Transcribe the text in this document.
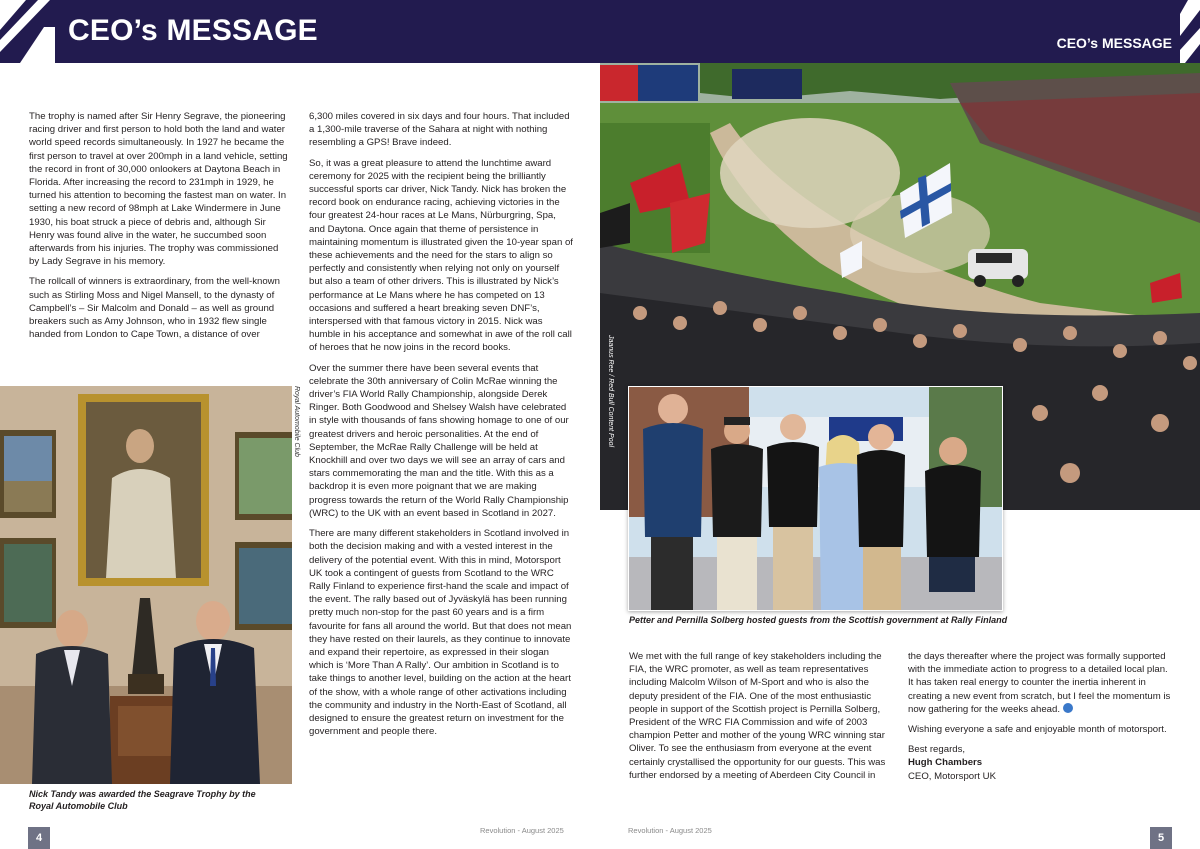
CEO’s MESSAGE	CEO’s MESSAGE

The trophy is named after Sir Henry Segrave, the pioneering racing driver and first person to hold both the land and water world speed records simultaneously. In 1927 he became the first person to travel at over 200mph in a land vehicle, setting the record in front of 30,000 onlookers at Daytona Beach in Florida. After increasing the record to 231mph in 1929, he turned his attention to becoming the fastest man on water. In setting a new record of 98mph at Lake Windermere in June 1930, his boat struck a piece of debris and, although Sir Henry was found alive in the water, he succumbed soon afterwards from his injuries. The trophy was commissioned by Lady Segrave in his memory.

The rollcall of winners is extraordinary, from the well-known such as Stirling Moss and Nigel Mansell, to the dynasty of Campbell’s – Sir Malcolm and Donald – as well as ground breakers such as Amy Johnson, who in 1932 flew single handed from London to Cape Town, a distance of over

6,300 miles covered in six days and four hours. That included a 1,300-mile traverse of the Sahara at night with nothing resembling a GPS! Brave indeed.

So, it was a great pleasure to attend the lunchtime award ceremony for 2025 with the recipient being the brilliantly successful sports car driver, Nick Tandy. Nick has broken the record book on endurance racing, achieving victories in the four greatest 24-hour races at Le Mans, Nürburgring, Spa, and Daytona. Once again that theme of persistence in maintaining momentum is illustrated given the 10-year span of these achievements and the need for the stars to align so perfectly and consistently when relying not only on yourself but also a team of other drivers. This is illustrated by Nick’s performance at Le Mans where he has competed on 13 occasions and suffered a heart breaking seven DNF’s, interspersed with that famous victory in 2015. Nick was humble in his acceptance and somewhat in awe of the roll call of heroes that he now joins in the record books.

Over the summer there have been several events that celebrate the 30th anniversary of Colin McRae winning the driver’s FIA World Rally Championship, alongside Derek Ringer. Both Goodwood and Shelsey Walsh have celebrated in style with thousands of fans showing homage to one of our greatest drivers and heroic personalities. At the end of September, the McRae Rally Challenge will be held at Knockhill and over two days we will see an array of cars and stars commemorating the man and the title. With this as a backdrop it is even more poignant that we are making progress towards the return of the World Rally Championship (WRC) to the UK with an event based in Scotland in 2027.

There are many different stakeholders in Scotland involved in both the decision making and with a vested interest in the delivery of the potential event. With this in mind, Motorsport UK took a contingent of guests from Scotland to the WRC Rally Finland to experience first-hand the scale and impact of the event. The rally based out of Jyväskylä has been running pretty much non-stop for the past 60 years and is a firm favourite for fans all around the world. But that does not mean they have rested on their laurels, as they continue to innovate and expand their repertoire, as expressed in their slogan which is ‘More Than A Rally’. Our ambition in Scotland is to take things to another level, building on the action at the heart of the show, with a whole range of other activations including the community and industry in the North-East of Scotland, all designed to ensure the greatest return on investment for the government and people there.

Royal Automobile Club
Nick Tandy was awarded the Seagrave Trophy by the Royal Automobile Club
4
Revolution - August 2025
Jaanus Ree / Red Bull Content Pool
Petter and Pernilla Solberg hosted guests from the Scottish government at Rally Finland

We met with the full range of key stakeholders including the FIA, the WRC promoter, as well as team representatives including Malcolm Wilson of M-Sport and who is also the deputy president of the FIA. One of the most enthusiastic people in support of the Scottish project is Pernilla Solberg, President of the WRC FIA Commission and wife of 2003 champion Petter and mother of the young WRC winning star Oliver. To see the enthusiasm from everyone at the event certainly crystallised the opportunity for our guests. This was further endorsed by a meeting of Aberdeen City Council in

the days thereafter where the project was formally supported with the immediate action to progress to a detailed local plan. It has taken real energy to counter the inertia inherent in creating a new event from scratch, but I feel the momentum is now gathering for the weeks ahead.

Wishing everyone a safe and enjoyable month of motorsport.

Best regards,
Hugh Chambers
CEO, Motorsport UK
Revolution - August 2025
5
